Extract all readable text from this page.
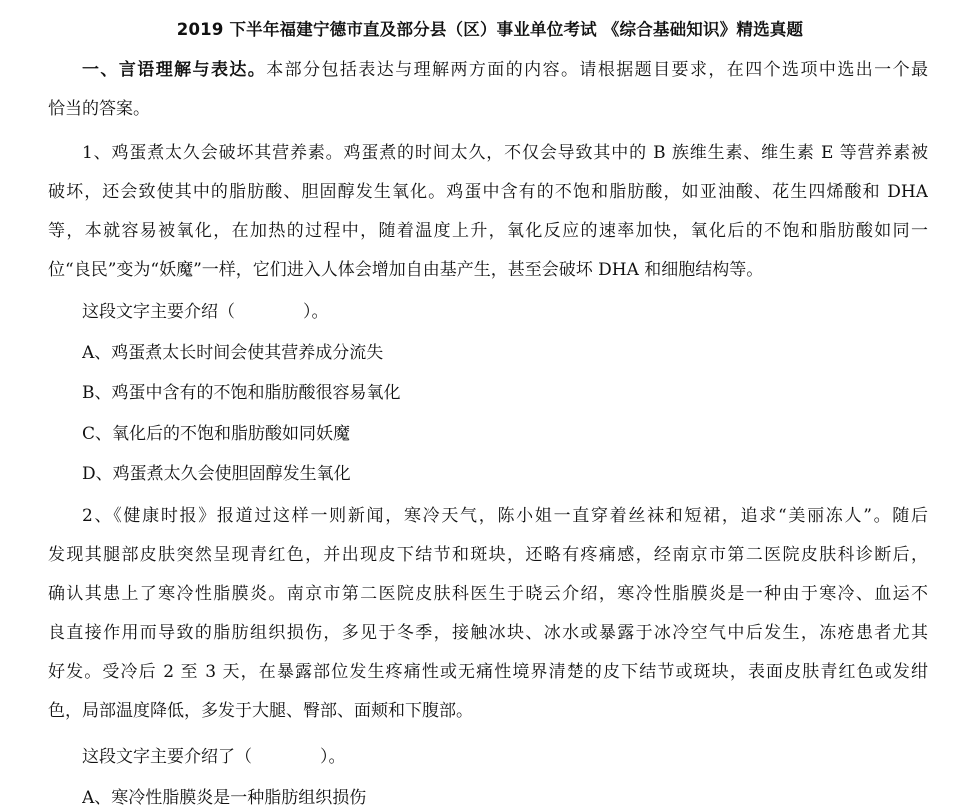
2019 下半年福建宁德市直及部分县（区）事业单位考试 《综合基础知识》精选真题
一、言语理解与表达。本部分包括表达与理解两方面的内容。请根据题目要求，在四个选项中选出一个最
恰当的答案。
1、鸡蛋煮太久会破坏其营养素。鸡蛋煮的时间太久，不仅会导致其中的 B 族维生素、维生素 E 等营养素被
破坏，还会致使其中的脂肪酸、胆固醇发生氧化。鸡蛋中含有的不饱和脂肪酸，如亚油酸、花生四烯酸和 DHA
等，本就容易被氧化，在加热的过程中，随着温度上升，氧化反应的速率加快，氧化后的不饱和脂肪酸如同一
位“良民”变为“妖魔”一样，它们进入人体会增加自由基产生，甚至会破坏 DHA 和细胞结构等。
这段文字主要介绍（　　　　）。
A、鸡蛋煮太长时间会使其营养成分流失
B、鸡蛋中含有的不饱和脂肪酸很容易氧化
C、氧化后的不饱和脂肪酸如同妖魔
D、鸡蛋煮太久会使胆固醇发生氧化
2、《健康时报》报道过这样一则新闻，寒冷天气，陈小姐一直穿着丝袜和短裙，追求“美丽冻人”。随后
发现其腿部皮肤突然呈现青红色，并出现皮下结节和斑块，还略有疼痛感，经南京市第二医院皮肤科诊断后，
确认其患上了寒冷性脂膜炎。南京市第二医院皮肤科医生于晓云介绍，寒冷性脂膜炎是一种由于寒冷、血运不
良直接作用而导致的脂肪组织损伤，多见于冬季，接触冰块、冰水或暴露于冰冷空气中后发生，冻疮患者尤其
好发。受冷后 2 至 3 天，在暴露部位发生疼痛性或无痛性境界清楚的皮下结节或斑块，表面皮肤青红色或发绀
色，局部温度降低，多发于大腿、臀部、面颊和下腹部。
这段文字主要介绍了（　　　　）。
A、寒冷性脂膜炎是一种脂肪组织损伤
